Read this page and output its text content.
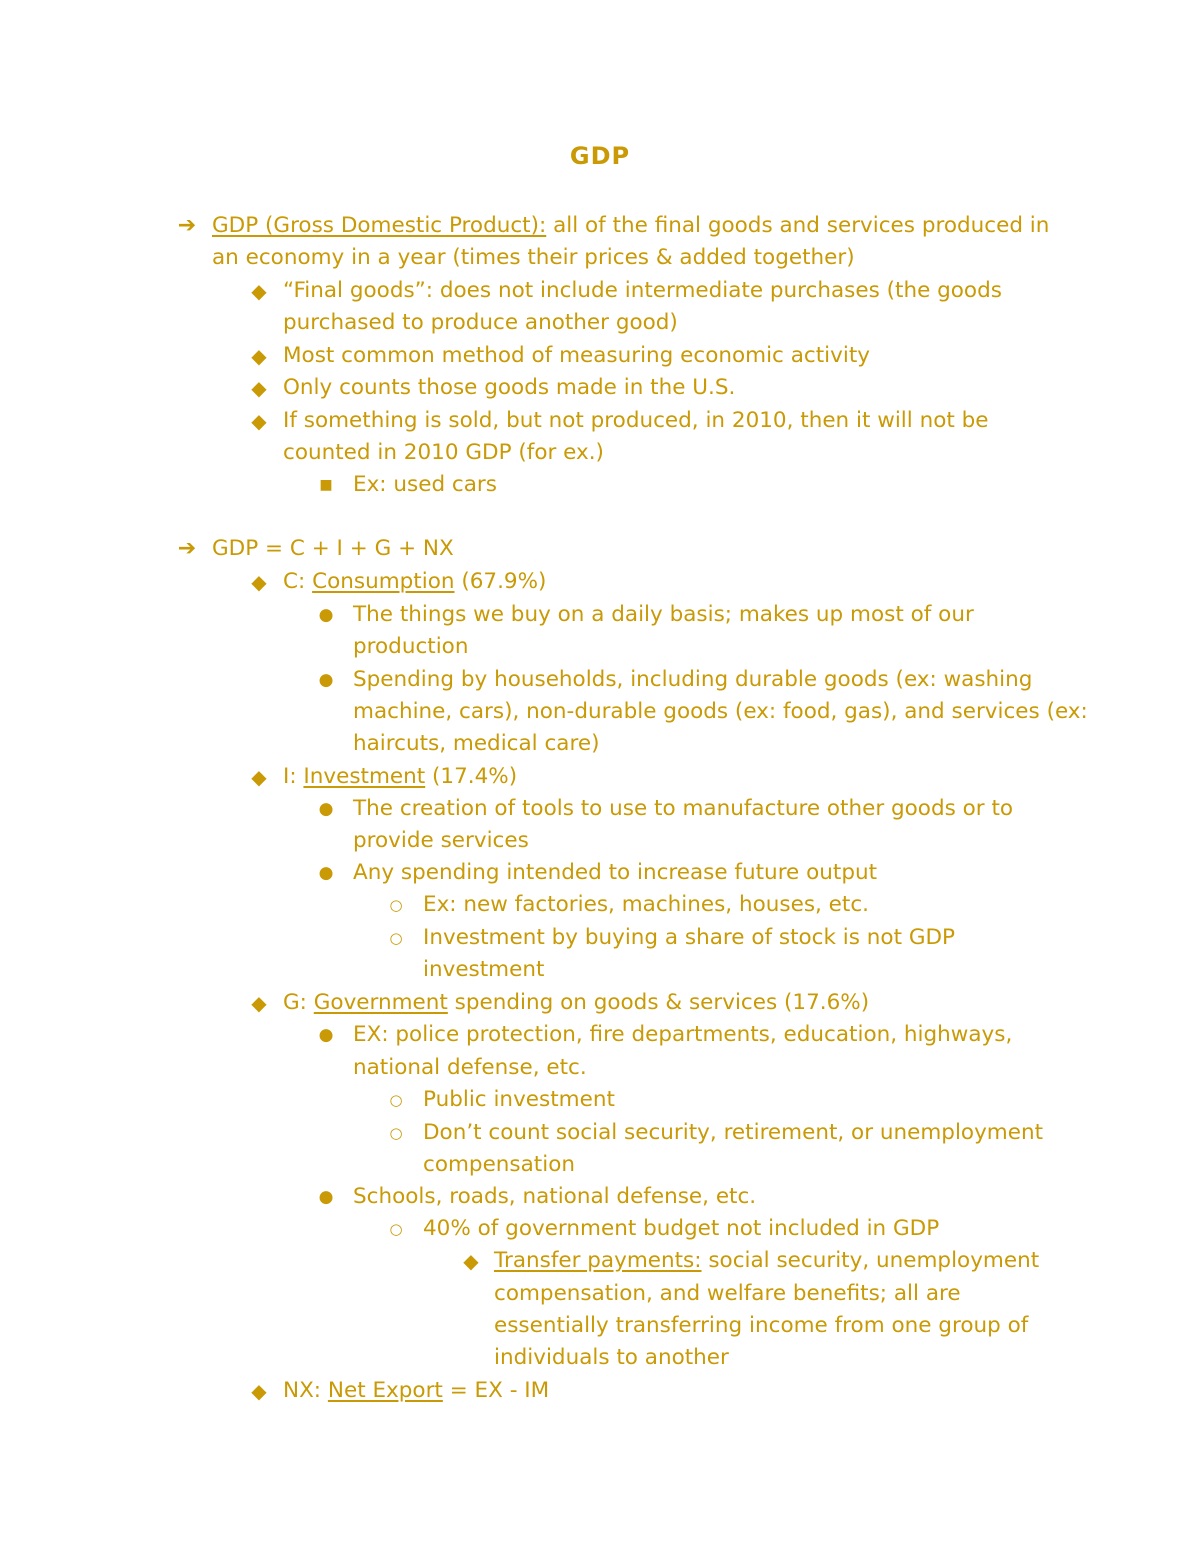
GDP
➔ GDP (Gross Domestic Product): all of the final goods and services produced in
an economy in a year (times their prices & added together)
◆ “Final goods”: does not include intermediate purchases (the goods
purchased to produce another good)
◆ Most common method of measuring economic activity
◆ Only counts those goods made in the U.S.
◆ If something is sold, but not produced, in 2010, then it will not be
counted in 2010 GDP (for ex.)
■ Ex: used cars
➔ GDP = C + I + G + NX
◆ C: Consumption (67.9%)
● The things we buy on a daily basis; makes up most of our
production
● Spending by households, including durable goods (ex: washing
machine, cars), non-durable goods (ex: food, gas), and services (ex:
haircuts, medical care)
◆ I: Investment (17.4%)
● The creation of tools to use to manufacture other goods or to
provide services
● Any spending intended to increase future output
○ Ex: new factories, machines, houses, etc.
○ Investment by buying a share of stock is not GDP
investment
◆ G: Government spending on goods & services (17.6%)
● EX: police protection, fire departments, education, highways,
national defense, etc.
○ Public investment
○ Don’t count social security, retirement, or unemployment
compensation
● Schools, roads, national defense, etc.
○ 40% of government budget not included in GDP
◆ Transfer payments: social security, unemployment
compensation, and welfare benefits; all are
essentially transferring income from one group of
individuals to another
◆ NX: Net Export = EX - IM
